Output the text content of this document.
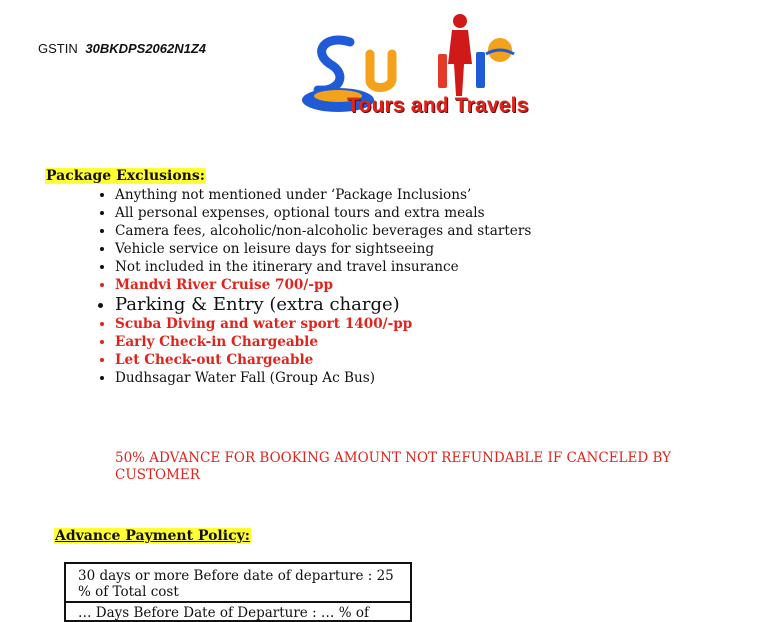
GSTIN 30BKDPS2062N1Z4
Tours and Travels
Package Exclusions:
• Anything not mentioned under ‘Package Inclusions’
• All personal expenses, optional tours and extra meals
• Camera fees, alcoholic/non-alcoholic beverages and starters
• Vehicle service on leisure days for sightseeing
• Not included in the itinerary and travel insurance
• Mandvi River Cruise 700/-pp
• Parking & Entry (extra charge)
• Scuba Diving and water sport 1400/-pp
• Early Check-in Chargeable
• Let Check-out Chargeable
• Dudhsagar Water Fall (Group Ac Bus)
50% ADVANCE FOR BOOKING AMOUNT NOT REFUNDABLE IF CANCELED BY CUSTOMER
Advance Payment Policy:
30 days or more Before date of departure : 25 % of Total cost
… Days Before Date of Departure : … % of
